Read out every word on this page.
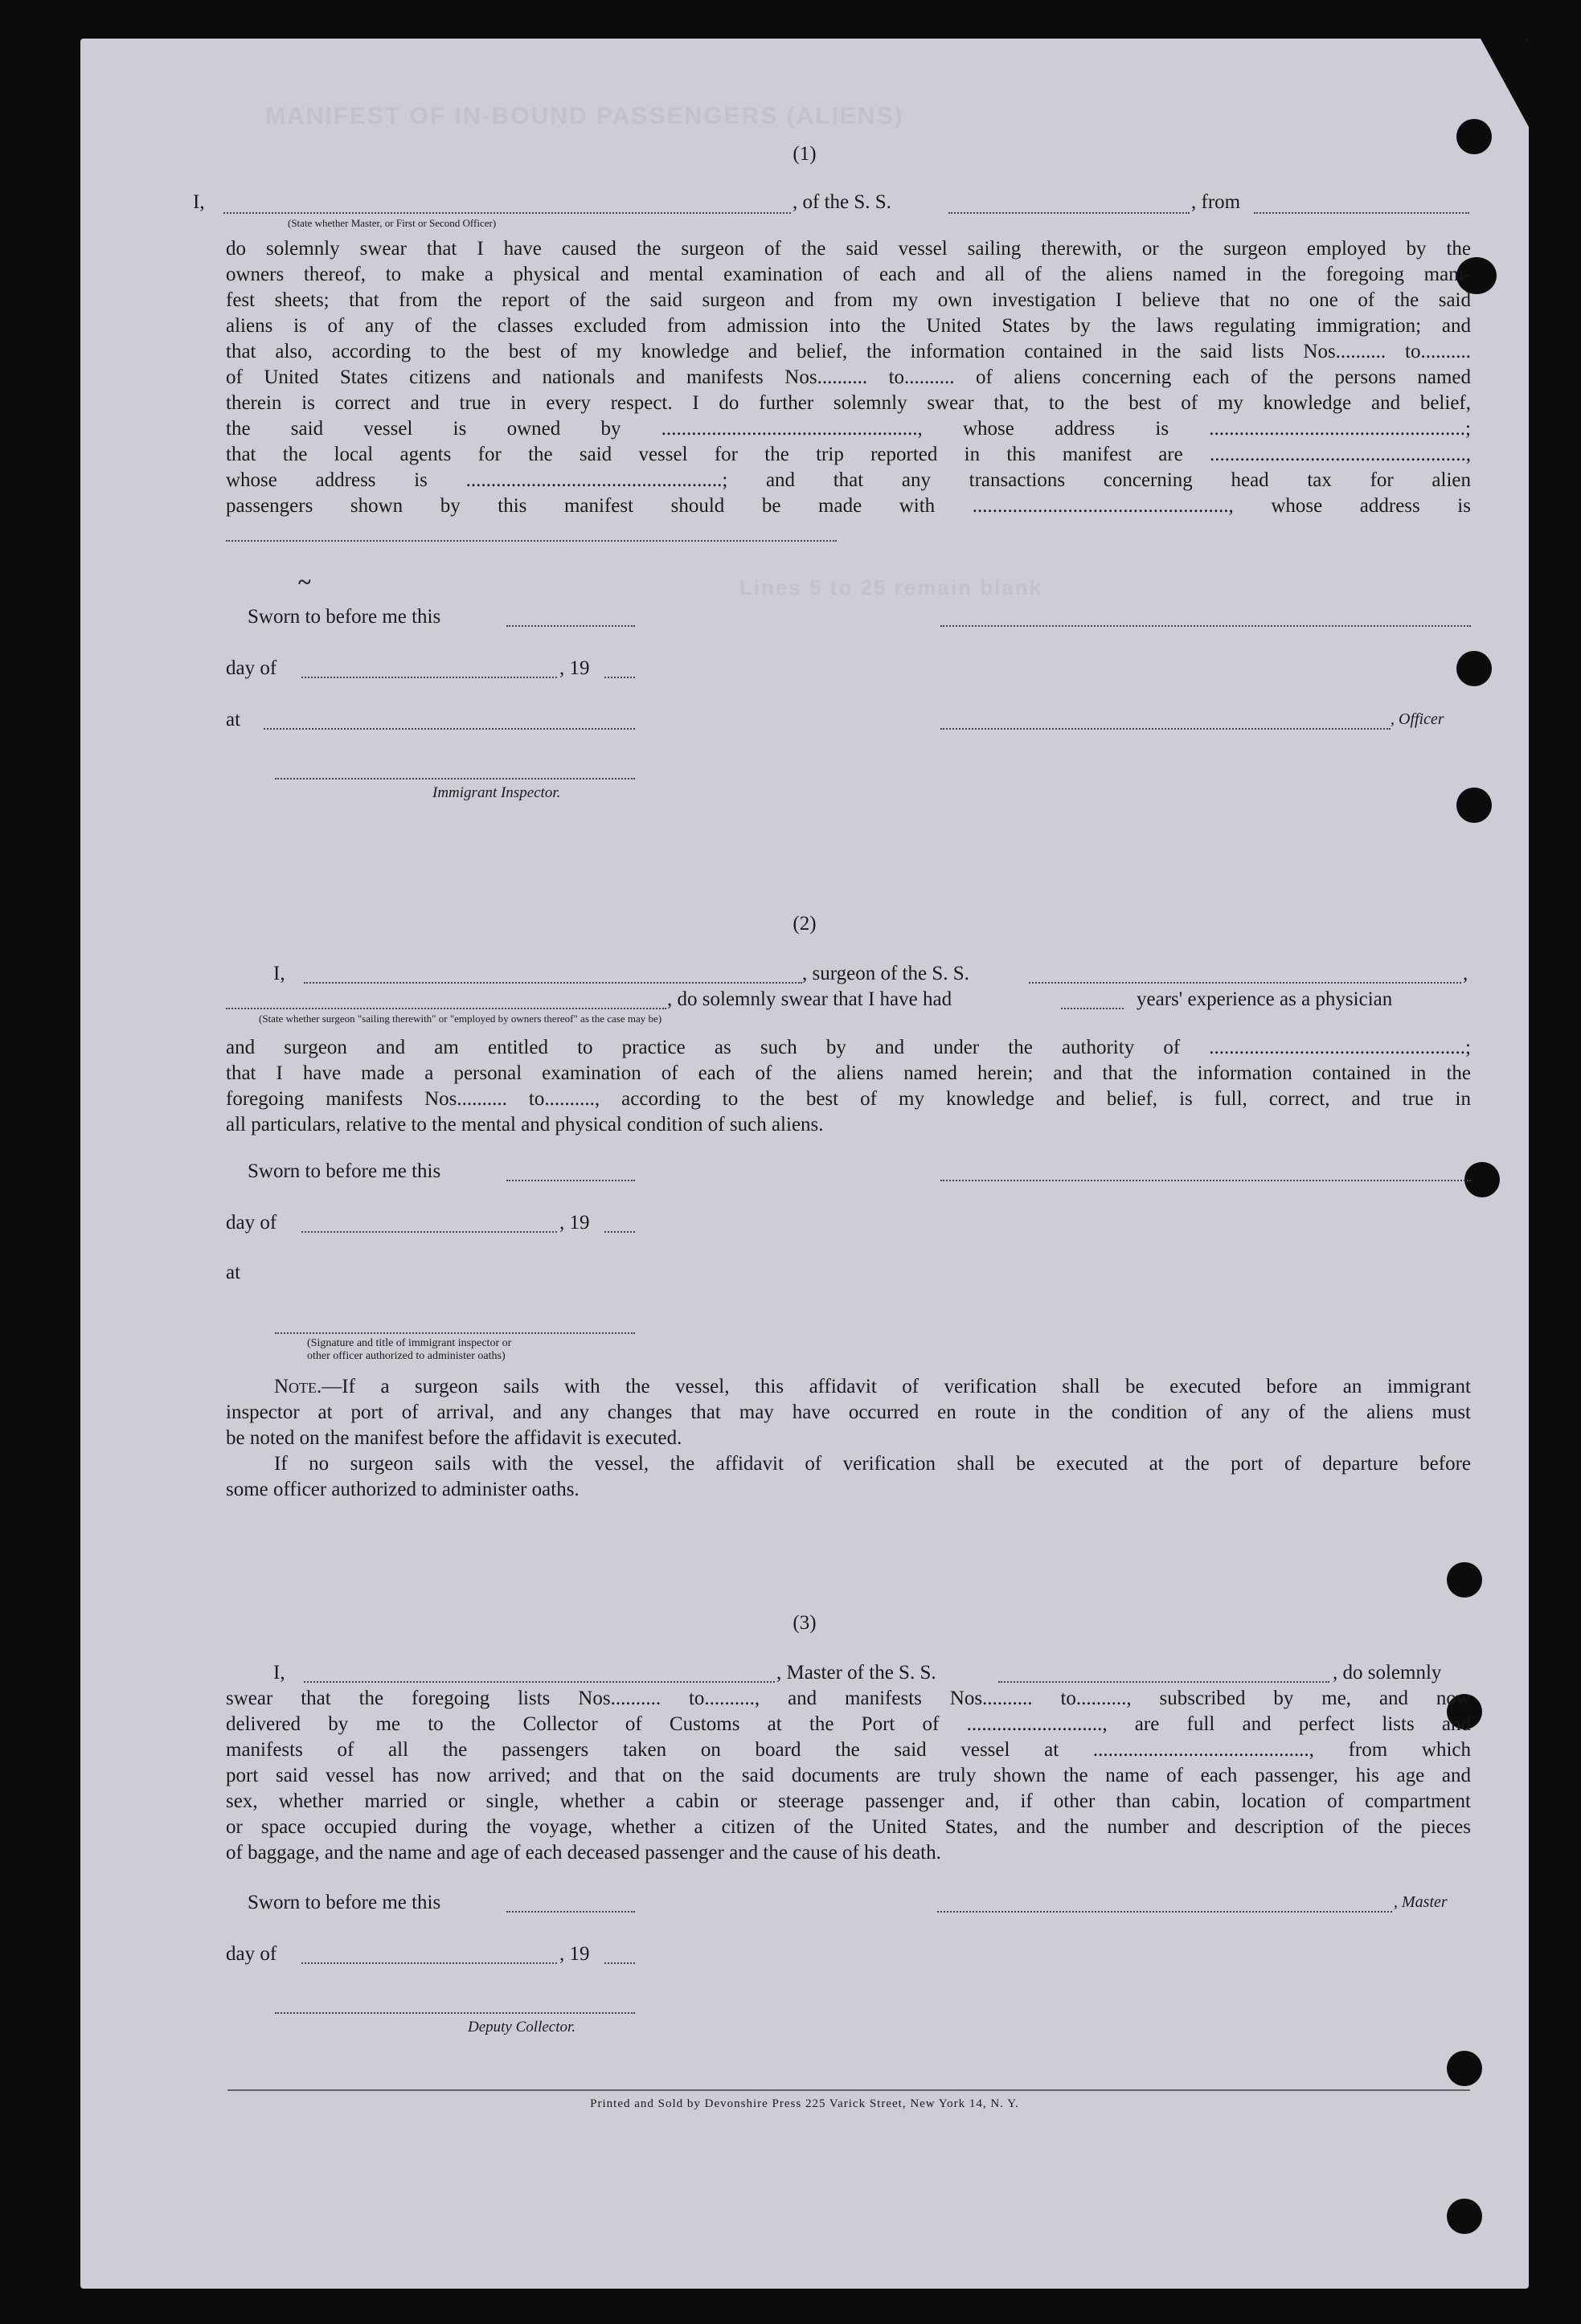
MANIFEST OF IN-BOUND PASSENGERS (ALIENS)
(1)
I,	, of the S. S.	, from
(State whether Master, or First or Second Officer)
do solemnly swear that I have caused the surgeon of the said vessel sailing therewith, or the surgeon employed by the
owners thereof, to make a physical and mental examination of each and all of the aliens named in the foregoing mani-
fest sheets; that from the report of the said surgeon and from my own investigation I believe that no one of the said
aliens is of any of the classes excluded from admission into the United States by the laws regulating immigration; and
that also, according to the best of my knowledge and belief, the information contained in the said lists Nos.......... to..........
of United States citizens and nationals and manifests Nos.......... to.......... of aliens concerning each of the persons named
therein is correct and true in every respect. I do further solemnly swear that, to the best of my knowledge and belief,
the said vessel is owned by ..................................................., whose address is ...................................................;
that the local agents for the said vessel for the trip reported in this manifest are ...................................................,
whose address is ...................................................; and that any transactions concerning head tax for alien
passengers shown by this manifest should be made with ..................................................., whose address is
Lines 5 to 25 remain blank
~
Sworn to before me this
day of	, 19
at	, Officer
Immigrant Inspector.
(2)
I,	, surgeon of the S. S.	,
, do solemnly swear that I have had	years' experience as a physician
(State whether surgeon "sailing therewith" or "employed by owners thereof" as the case may be)
and surgeon and am entitled to practice as such by and under the authority of ...................................................;
that I have made a personal examination of each of the aliens named herein; and that the information contained in the
foregoing manifests Nos.......... to.........., according to the best of my knowledge and belief, is full, correct, and true in
all particulars, relative to the mental and physical condition of such aliens.
Sworn to before me this
day of	, 19
at
(Signature and title of immigrant inspector or
other officer authorized to administer oaths)
Note.—If a surgeon sails with the vessel, this affidavit of verification shall be executed before an immigrant
inspector at port of arrival, and any changes that may have occurred en route in the condition of any of the aliens must
be noted on the manifest before the affidavit is executed.
If no surgeon sails with the vessel, the affidavit of verification shall be executed at the port of departure before
some officer authorized to administer oaths.
(3)
I,	, Master of the S. S.	, do solemnly
swear that the foregoing lists Nos.......... to.........., and manifests Nos.......... to.........., subscribed by me, and now
delivered by me to the Collector of Customs at the Port of ..........................., are full and perfect lists and
manifests of all the passengers taken on board the said vessel at ..........................................., from which
port said vessel has now arrived; and that on the said documents are truly shown the name of each passenger, his age and
sex, whether married or single, whether a cabin or steerage passenger and, if other than cabin, location of compartment
or space occupied during the voyage, whether a citizen of the United States, and the number and description of the pieces
of baggage, and the name and age of each deceased passenger and the cause of his death.
Sworn to before me this	, Master
day of	, 19
Deputy Collector.
Printed and Sold by Devonshire Press 225 Varick Street, New York 14, N. Y.
